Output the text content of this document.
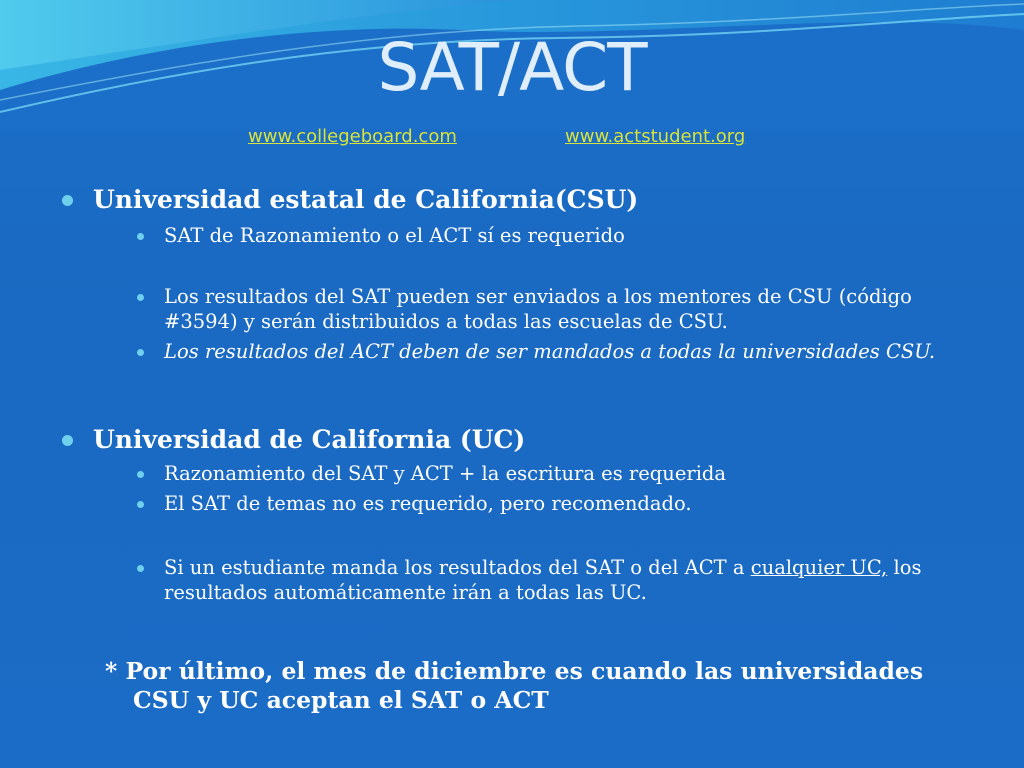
SAT/ACT
www.collegeboard.com	www.actstudent.org
Universidad estatal de California(CSU)
SAT de Razonamiento o el ACT sí es requerido
Los resultados del SAT pueden ser enviados a los mentores de CSU (código #3594) y serán distribuidos a todas las escuelas de CSU.
Los resultados del ACT deben de ser mandados a todas la universidades CSU.
Universidad de California (UC)
Razonamiento del SAT y ACT + la escritura es requerida
El SAT de temas no es requerido, pero recomendado.
Si un estudiante manda los resultados del SAT o del ACT a cualquier UC, los resultados automáticamente irán a todas las UC.
* Por último, el mes de diciembre es cuando las universidades
CSU y UC aceptan el SAT o ACT
